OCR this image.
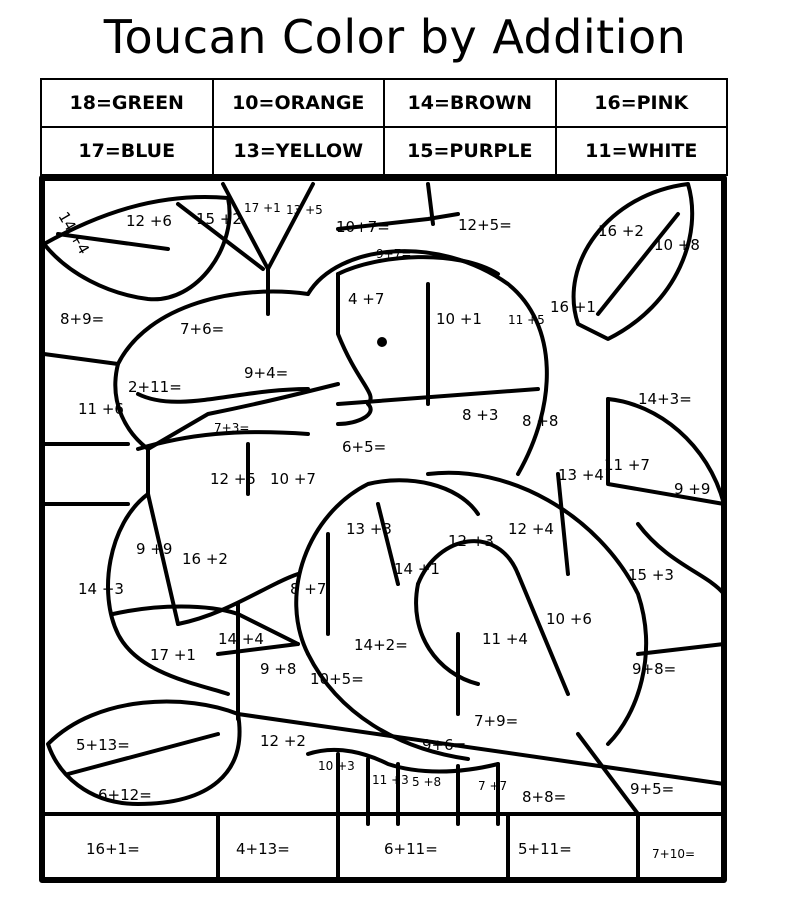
Toucan Color by Addition
18=GREEN	10=ORANGE	14=BROWN	16=PINK
17=BLUE	13=YELLOW	15=PURPLE	11=WHITE
14 +4 12 +6 15 +2
17 +1 13 +5
10+7=
9+7=
12+5=	16 +2
10 +8
8+9=
7+6=
4 +7
10 +1 11 +5
16 +1
11 +6
2+11=
9+4=
7+3=
6+5=
8 +3 8 +8
14+3=
12 +5 10 +7	13 +4
11 +7
9 +9
9 +9
16 +2
13 +3
12 +3
12 +4
14 +3	8 +7
14 +1	15 +3
17 +1
14 +4
9 +8
14+2=	11 +4
10 +6
10+5=
9+8=
5+13=	12 +2
7+9=
9+6=
6+12=
10 +3
11 +3 5 +8	7 +7
8+8=	9+5=
16+1=	4+13=	6+11=	5+11=	7+10=
